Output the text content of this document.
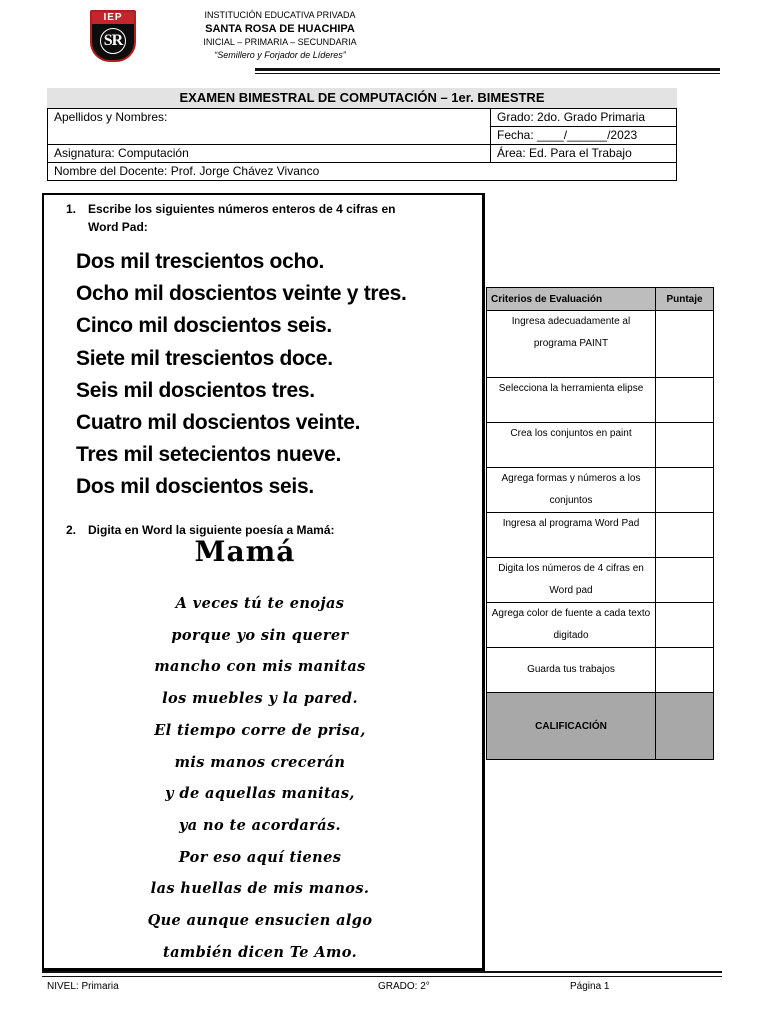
IEP
SR
INSTITUCIÓN EDUCATIVA PRIVADA
SANTA ROSA DE HUACHIPA
INICIAL – PRIMARIA – SECUNDARIA
“Semillero y Forjador de Líderes”
EXAMEN BIMESTRAL DE COMPUTACIÓN – 1er. BIMESTRE
Apellidos y Nombres:	Grado: 2do. Grado Primaria
	Fecha: ____/______/2023
Asignatura: Computación	Área: Ed. Para el Trabajo
Nombre del Docente: Prof. Jorge Chávez Vivanco	
1. Escribe los siguientes números enteros de 4 cifras en
Word Pad:
Dos mil trescientos ocho.
Ocho mil doscientos veinte y tres.
Cinco mil doscientos seis.
Siete mil trescientos doce.
Seis mil doscientos tres.
Cuatro mil doscientos veinte.
Tres mil setecientos nueve.
Dos mil doscientos seis.
2. Digita en Word la siguiente poesía a Mamá:
Mamá
A veces tú te enojas
porque yo sin querer
mancho con mis manitas
los muebles y la pared.
El tiempo corre de prisa,
mis manos crecerán
y de aquellas manitas,
ya no te acordarás.
Por eso aquí tienes
las huellas de mis manos.
Que aunque ensucien algo
también dicen Te Amo.
Criterios de Evaluación	Puntaje
Ingresa adecuadamente al programa PAINT	
Selecciona la herramienta elipse	
Crea los conjuntos en paint	
Agrega formas y números a los conjuntos	
Ingresa al programa Word Pad	
Digita los números de 4 cifras en Word pad	
Agrega color de fuente a cada texto digitado	
Guarda tus trabajos	
CALIFICACIÓN	
NIVEL: Primaria	GRADO: 2°	Página 1
